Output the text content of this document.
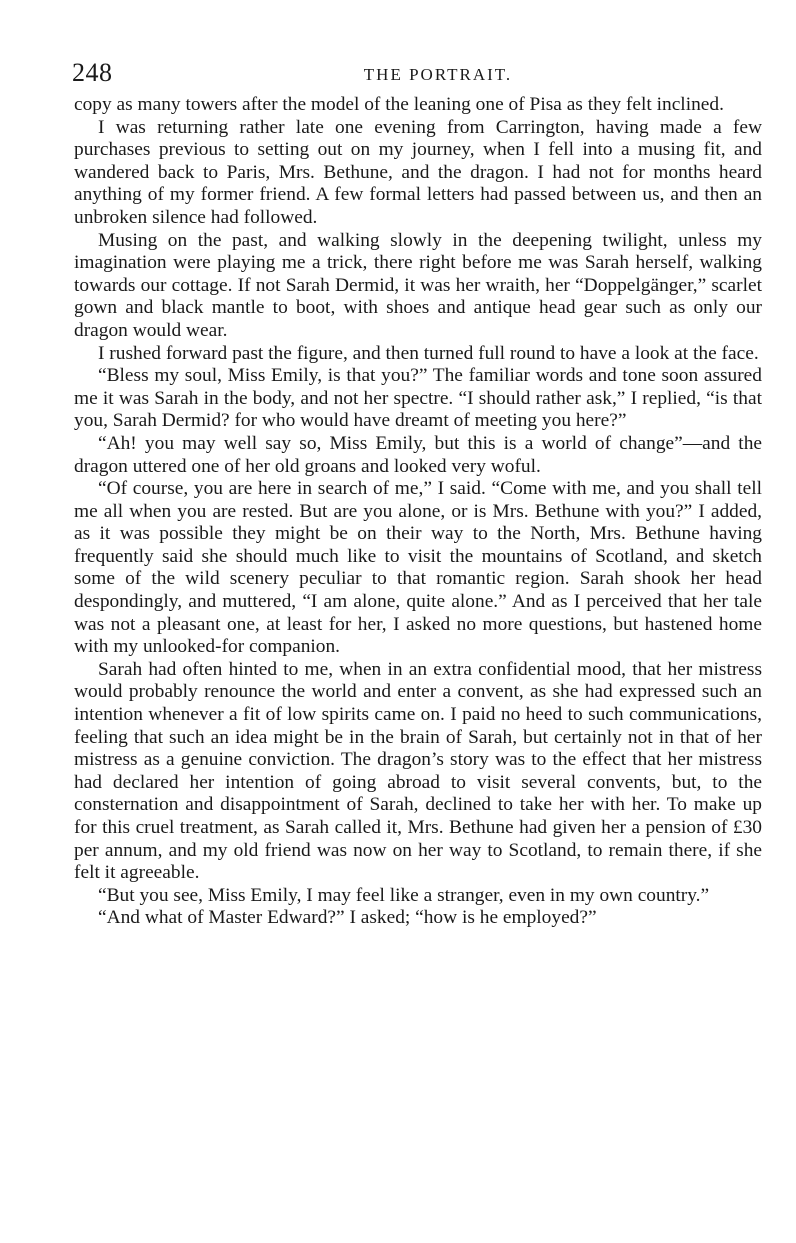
248	THE PORTRAIT.

copy as many towers after the model of the leaning one of Pisa as they felt inclined.

I was returning rather late one evening from Carrington, having made a few purchases previous to setting out on my journey, when I fell into a musing fit, and wandered back to Paris, Mrs. Bethune, and the dragon. I had not for months heard anything of my former friend. A few formal letters had passed between us, and then an unbroken silence had followed.

Musing on the past, and walking slowly in the deepening twilight, unless my imagination were playing me a trick, there right before me was Sarah herself, walking towards our cottage. If not Sarah Dermid, it was her wraith, her “Doppelgänger,” scarlet gown and black mantle to boot, with shoes and antique head gear such as only our dragon would wear.

I rushed forward past the figure, and then turned full round to have a look at the face.

“Bless my soul, Miss Emily, is that you?” The familiar words and tone soon assured me it was Sarah in the body, and not her spectre. “I should rather ask,” I replied, “is that you, Sarah Dermid? for who would have dreamt of meeting you here?”

“Ah! you may well say so, Miss Emily, but this is a world of change”—and the dragon uttered one of her old groans and looked very woful.

“Of course, you are here in search of me,” I said. “Come with me, and you shall tell me all when you are rested. But are you alone, or is Mrs. Bethune with you?” I added, as it was possible they might be on their way to the North, Mrs. Bethune having frequently said she should much like to visit the mountains of Scotland, and sketch some of the wild scenery peculiar to that romantic region. Sarah shook her head despondingly, and muttered, “I am alone, quite alone.” And as I perceived that her tale was not a pleasant one, at least for her, I asked no more questions, but hastened home with my unlooked-for companion.

Sarah had often hinted to me, when in an extra confidential mood, that her mistress would probably renounce the world and enter a convent, as she had expressed such an intention whenever a fit of low spirits came on. I paid no heed to such communications, feeling that such an idea might be in the brain of Sarah, but certainly not in that of her mistress as a genuine conviction. The dragon’s story was to the effect that her mistress had declared her intention of going abroad to visit several convents, but, to the consternation and disappointment of Sarah, declined to take her with her. To make up for this cruel treatment, as Sarah called it, Mrs. Bethune had given her a pension of £30 per annum, and my old friend was now on her way to Scotland, to remain there, if she felt it agreeable.

“But you see, Miss Emily, I may feel like a stranger, even in my own country.”

“And what of Master Edward?” I asked; “how is he employed?”
